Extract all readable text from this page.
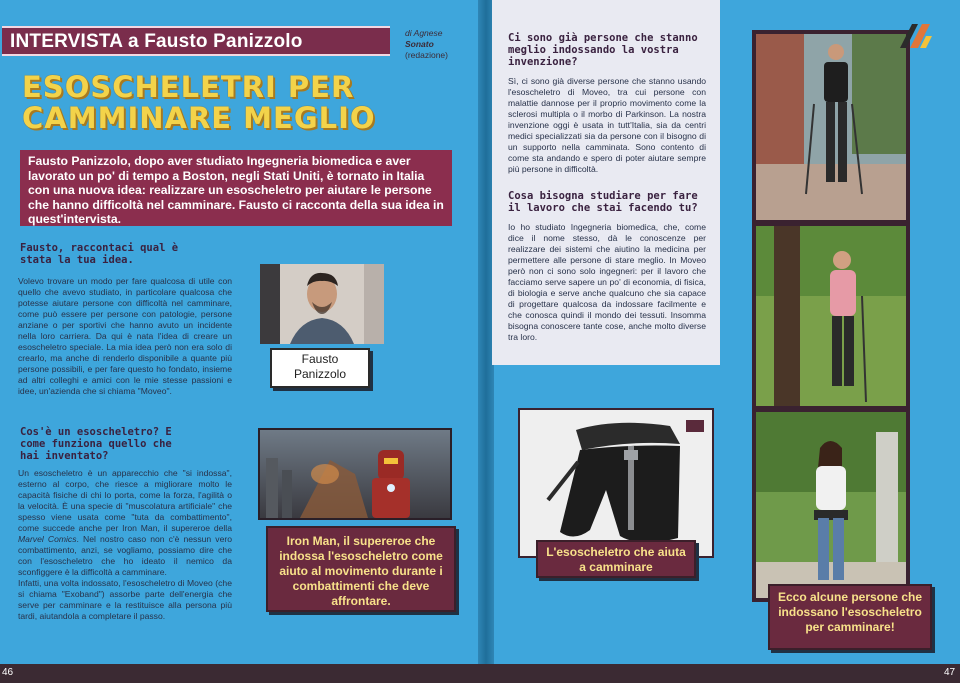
INTERVISTA a Fausto Panizzolo	di Agnese
Sonato
(redazione)
ESOSCHELETRI PER
CAMMINARE MEGLIO
Fausto Panizzolo, dopo aver studiato Ingegneria biomedica e aver lavorato un po' di tempo a Boston, negli Stati Uniti, è tornato in Italia con una nuova idea: realizzare un esoscheletro per aiutare le persone che hanno difficoltà nel camminare. Fausto ci racconta della sua idea in quest'intervista.
Fausto, raccontaci qual è stata la tua idea.
Volevo trovare un modo per fare qualcosa di utile con quello che avevo studiato, in particolare qualcosa che potesse aiutare persone con difficoltà nel camminare, come può essere per persone con patologie, persone anziane o per sportivi che hanno avuto un incidente nella loro carriera. Da qui è nata l'idea di creare un esoscheletro speciale. La mia idea però non era solo di crearlo, ma anche di renderlo disponibile a quante più persone possibili, e per fare questo ho fondato, insieme ad altri colleghi e amici con le mie stesse passioni e idee, un'azienda che si chiama "Moveo".
Fausto
Panizzolo
Cos'è un esoscheletro? E come funziona quello che hai inventato?
Un esoscheletro è un apparecchio che "si indossa", esterno al corpo, che riesce a migliorare molto le capacità fisiche di chi lo porta, come la forza, l'agilità o la velocità. È una specie di "muscolatura artificiale" che spesso viene usata come "tuta da combattimento", come succede anche per Iron Man, il supereroe della Marvel Comics. Nel nostro caso non c'è nessun vero combattimento, anzi, se vogliamo, possiamo dire che con l'esoscheletro che ho ideato il nemico da sconfiggere è la difficoltà a camminare.
Infatti, una volta indossato, l'esoscheletro di Moveo (che si chiama "Exoband") assorbe parte dell'energia che serve per camminare e la restituisce alla persona più tardi, aiutandola a completare il passo.
Iron Man, il supereroe che indossa l'esoscheletro come aiuto al movimento durante i combattimenti che deve affrontare.
Ci sono già persone che stanno meglio indossando la vostra invenzione?
Sì, ci sono già diverse persone che stanno usando l'esoscheletro di Moveo, tra cui persone con malattie dannose per il proprio movimento come la sclerosi multipla o il morbo di Parkinson. La nostra invenzione oggi è usata in tutt'Italia, sia da centri medici specializzati sia da persone con il bisogno di un supporto nella camminata. Sono contento di come sta andando e spero di poter aiutare sempre più persone in difficoltà.
Cosa bisogna studiare per fare il lavoro che stai facendo tu?
Io ho studiato Ingegneria biomedica, che, come dice il nome stesso, dà le conoscenze per realizzare dei sistemi che aiutino la medicina per permettere alle persone di stare meglio. In Moveo però non ci sono solo ingegneri: per il lavoro che facciamo serve sapere un po' di economia, di fisica, di biologia e serve anche qualcuno che sia capace di progettare qualcosa da indossare facilmente e che conosca quindi il mondo dei tessuti. Insomma bisogna conoscere tante cose, anche molto diverse tra loro.
L'esoscheletro che aiuta a camminare
Ecco alcune persone che indossano l'esoscheletro per camminare!
46	47
